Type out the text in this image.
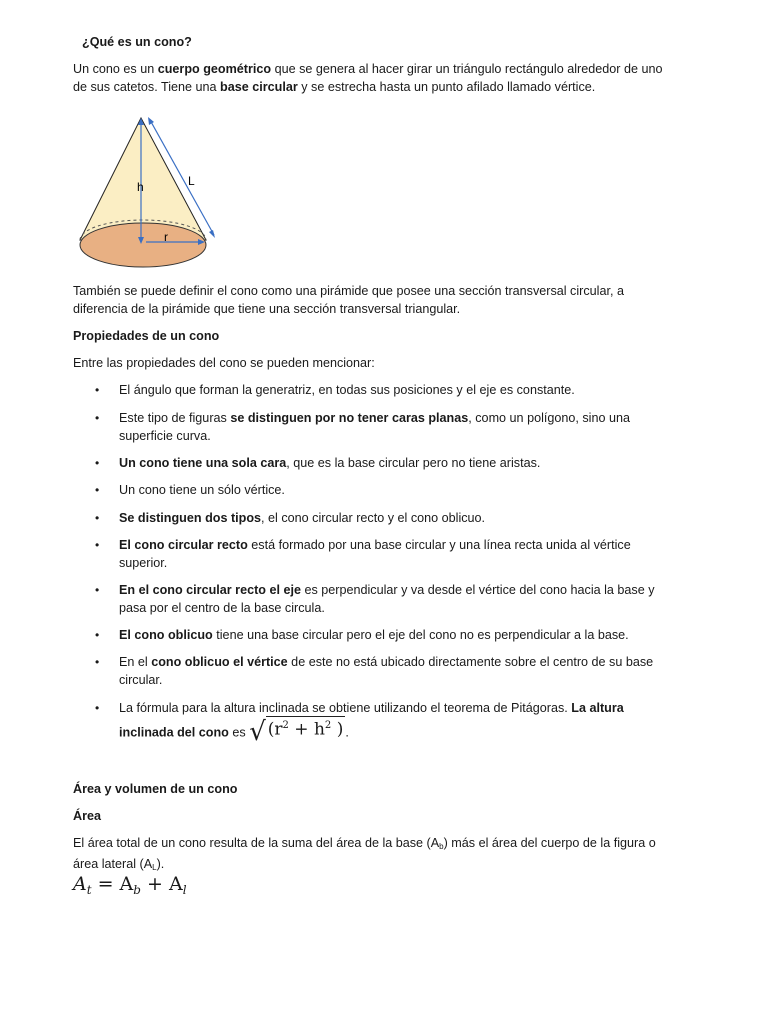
¿Qué es un cono?

Un cono es un cuerpo geométrico que se genera al hacer girar un triángulo rectángulo alrededor de uno de sus catetos. Tiene una base circular y se estrecha hasta un punto afilado llamado vértice.

h	L
r

También se puede definir el cono como una pirámide que posee una sección transversal circular, a diferencia de la pirámide que tiene una sección transversal triangular.

Propiedades de un cono

Entre las propiedades del cono se pueden mencionar:

• El ángulo que forman la generatriz, en todas sus posiciones y el eje es constante.
• Este tipo de figuras se distinguen por no tener caras planas, como un polígono, sino una superficie curva.
• Un cono tiene una sola cara, que es la base circular pero no tiene aristas.
• Un cono tiene un sólo vértice.
• Se distinguen dos tipos, el cono circular recto y el cono oblicuo.
• El cono circular recto está formado por una base circular y una línea recta unida al vértice superior.
• En el cono circular recto el eje es perpendicular y va desde el vértice del cono hacia la base y pasa por el centro de la base circula.
• El cono oblicuo tiene una base circular pero el eje del cono no es perpendicular a la base.
• En el cono oblicuo el vértice de este no está ubicado directamente sobre el centro de su base circular.
• La fórmula para la altura inclinada se obtiene utilizando el teorema de Pitágoras. La altura
inclinada del cono es √ ($r^2 + h^2$ ) .

Área y volumen de un cono

Área

El área total de un cono resulta de la suma del área de la base $(A_b)$ más el área del cuerpo de la figura o área lateral $(A_L)$.

$A_t = A_b + A_l$
